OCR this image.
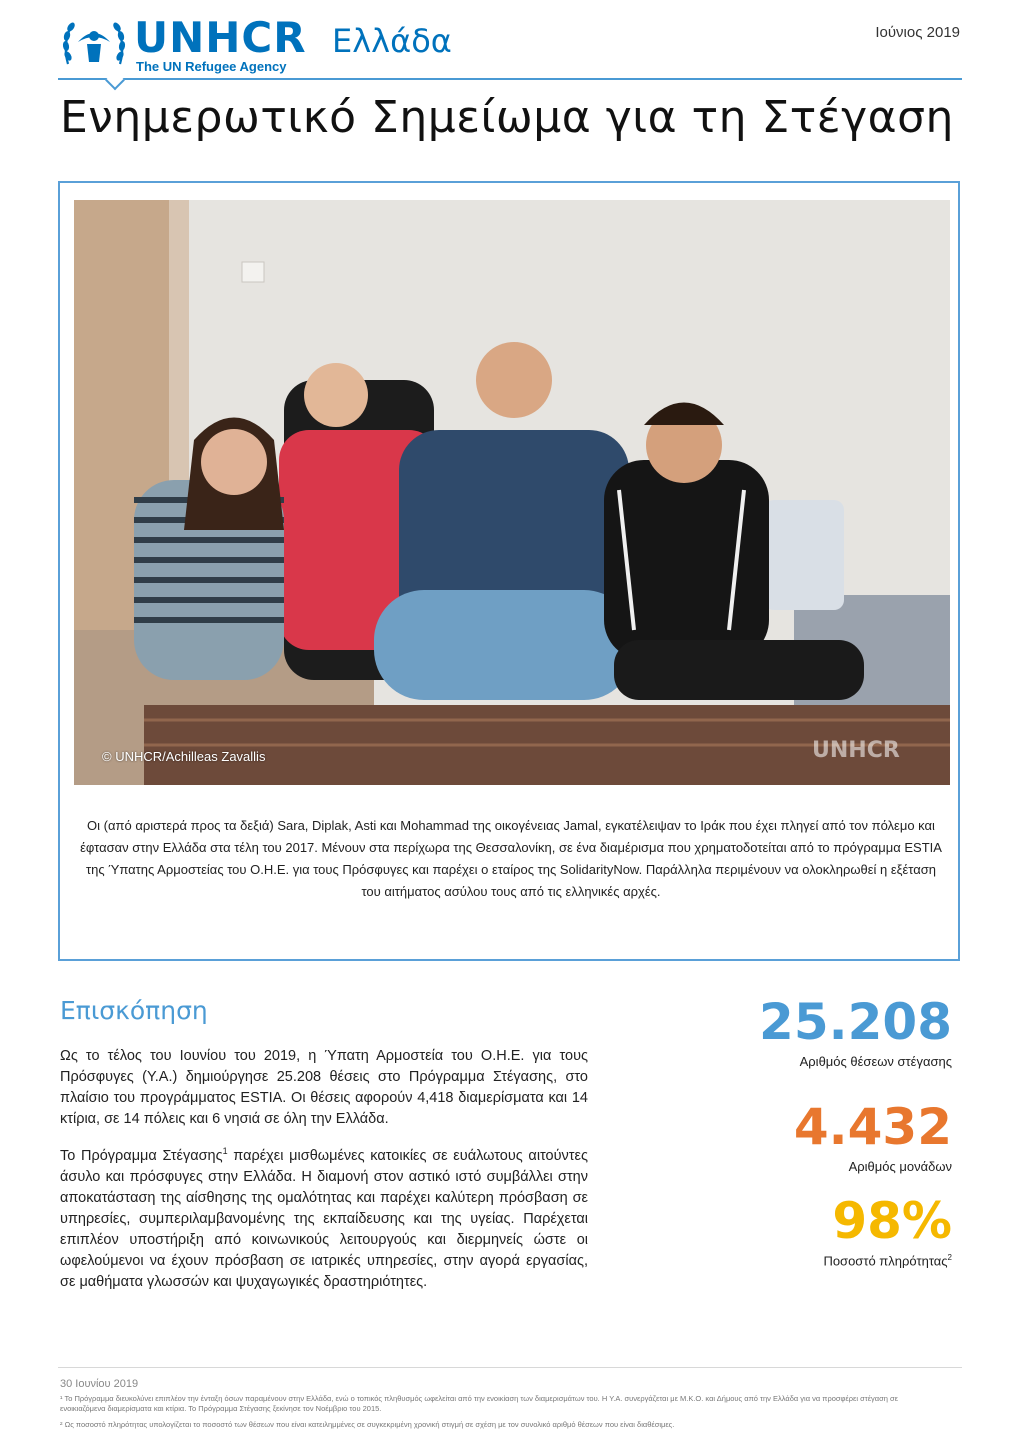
UNHCR
The UN Refugee Agency
Ελλάδα	Ιούνιος 2019
Ενημερωτικό Σημείωμα για τη Στέγαση
© UNHCR/Achilleas Zavallis	UNHCR
Οι (από αριστερά προς τα δεξιά) Sara, Diplak, Asti και Mohammad της οικογένειας Jamal, εγκατέλειψαν το Ιράκ που έχει πληγεί από τον πόλεμο και έφτασαν στην Ελλάδα στα τέλη του 2017. Μένουν στα περίχωρα της Θεσσαλονίκη, σε ένα διαμέρισμα που χρηματοδοτείται από το πρόγραμμα ESTIA της Ύπατης Αρμοστείας του Ο.Η.Ε. για τους Πρόσφυγες και παρέχει ο εταίρος της SolidarityNow. Παράλληλα περιμένουν να ολοκληρωθεί η εξέταση του αιτήματος ασύλου τους από τις ελληνικές αρχές.
Επισκόπηση

Ως το τέλος του Ιουνίου του 2019, η Ύπατη Αρμοστεία του Ο.Η.Ε. για τους Πρόσφυγες (Υ.Α.) δημιούργησε 25.208 θέσεις στο Πρόγραμμα Στέγασης, στο πλαίσιο του προγράμματος ESTIA. Οι θέσεις αφορούν 4,418 διαμερίσματα και 14 κτίρια, σε 14 πόλεις και 6 νησιά σε όλη την Ελλάδα.

Το Πρόγραμμα Στέγασης$^1$ παρέχει μισθωμένες κατοικίες σε ευάλωτους αιτούντες άσυλο και πρόσφυγες στην Ελλάδα. Η διαμονή στον αστικό ιστό συμβάλλει στην αποκατάσταση της αίσθησης της ομαλότητας και παρέχει καλύτερη πρόσβαση σε υπηρεσίες, συμπεριλαμβανομένης της εκπαίδευσης και της υγείας. Παρέχεται επιπλέον υποστήριξη από κοινωνικούς λειτουργούς και διερμηνείς ώστε οι ωφελούμενοι να έχουν πρόσβαση σε ιατρικές υπηρεσίες, στην αγορά εργασίας, σε μαθήματα γλωσσών και ψυχαγωγικές δραστηριότητες.

25.208
Αριθμός θέσεων στέγασης
4.432
Αριθμός μονάδων
98%
Ποσοστό πληρότητας$^2$
30 Ιουνίου 2019
¹ Το Πρόγραμμα διευκολύνει επιπλέον την ένταξη όσων παραμένουν στην Ελλάδα, ενώ ο τοπικός πληθυσμός ωφελείται από την ενοικίαση των διαμερισμάτων του. Η Υ.Α. συνεργάζεται με Μ.Κ.Ο. και Δήμους από την Ελλάδα για να προσφέρει στέγαση σε ενοικιαζόμενα διαμερίσματα και κτίρια. Το Πρόγραμμα Στέγασης ξεκίνησε τον Νοέμβριο του 2015.
² Ως ποσοστό πληρότητας υπολογίζεται το ποσοστό των θέσεων που είναι κατειλημμένες σε συγκεκριμένη χρονική στιγμή σε σχέση με τον συνολικό αριθμό θέσεων που είναι διαθέσιμες.
